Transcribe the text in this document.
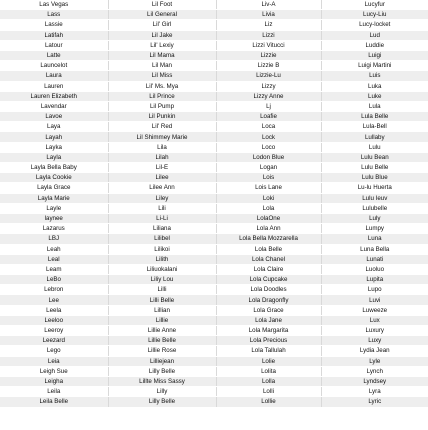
Las Vegas	Lil Foot	Liv-A	Lucyfur
Lass	Lil General	Livia	Lucy-Liu
Lassie	Lil' Girl	Liz	Lucy-locket
Latifah	Lil Jake	Lizzi	Lud
Latour	Lil' Lexiy	Lizzi Vitucci	Luddie
Latte	Lil Mama	Lizzie	Luigi
Launcelot	Lil Man	Lizzie B	Luigi Martini
Laura	Lil Miss	Lizzie-Lu	Luis
Lauren	Lil' Ms. Mya	Lizzy	Luka
Lauren Elizabeth	Lil Prince	Lizzy Anne	Luke
Lavendar	Lil Pump	Lj	Lula
Lavoe	Lil Punkin	Loafie	Lula Belle
Laya	Lil' Red	Loca	Lula-Bell
Layah	Lil Shimmey Marie	Lock	Lullaby
Layka	Lila	Loco	Lulu
Layla	Lilah	Lodon Blue	Lulu Bean
Layla Bella Baby	Lil-E	Logan	Lulu Belle
Layla Cookie	Lilee	Lois	Lulu Blue
Layla Grace	Lilee Ann	Lois Lane	Lu-lu Huerta
Layla Marie	Liley	Loki	Lulu Ieuv
Layle	Lili	Lola	Lulubelle
laynee	Li-Li	LolaOne	Luly
Lazarus	Liliana	Lola Ann	Lumpy
LBJ	Lilibel	Lola Bella Mozzarella	Luna
Leah	Lilikoi	Lola Belle	Luna Bella
Leal	Lilith	Lola Chanel	Lunati
Leam	Liliuokalani	Lola Claire	Luoluo
LeBo	Liliy Lou	Lola Cupcake	Lupita
Lebron	Lilli	Lola Doodles	Lupo
Lee	Lilli Belle	Lola Dragonfly	Luvi
Leela	Lillian	Lola Grace	Luweeze
Leeloo	Lillie	Lola Jane	Lux
Leeroy	Lillie Anne	Lola Margarita	Luxury
Leezard	Lillie Belle	Lola Precious	Luxy
Lego	Lillie Rose	Lola Tallulah	Lydia Jean
Leia	Lilliejean	Lolie	Lyle
Leigh Sue	Lilly Belle	Lolita	Lynch
Leigha	Lillte Miss Sassy	Lolla	Lyndsey
Leila	Lilly	Lolli	Lyra
Leila Belle	Lilly Belle	Lollie	Lyric
